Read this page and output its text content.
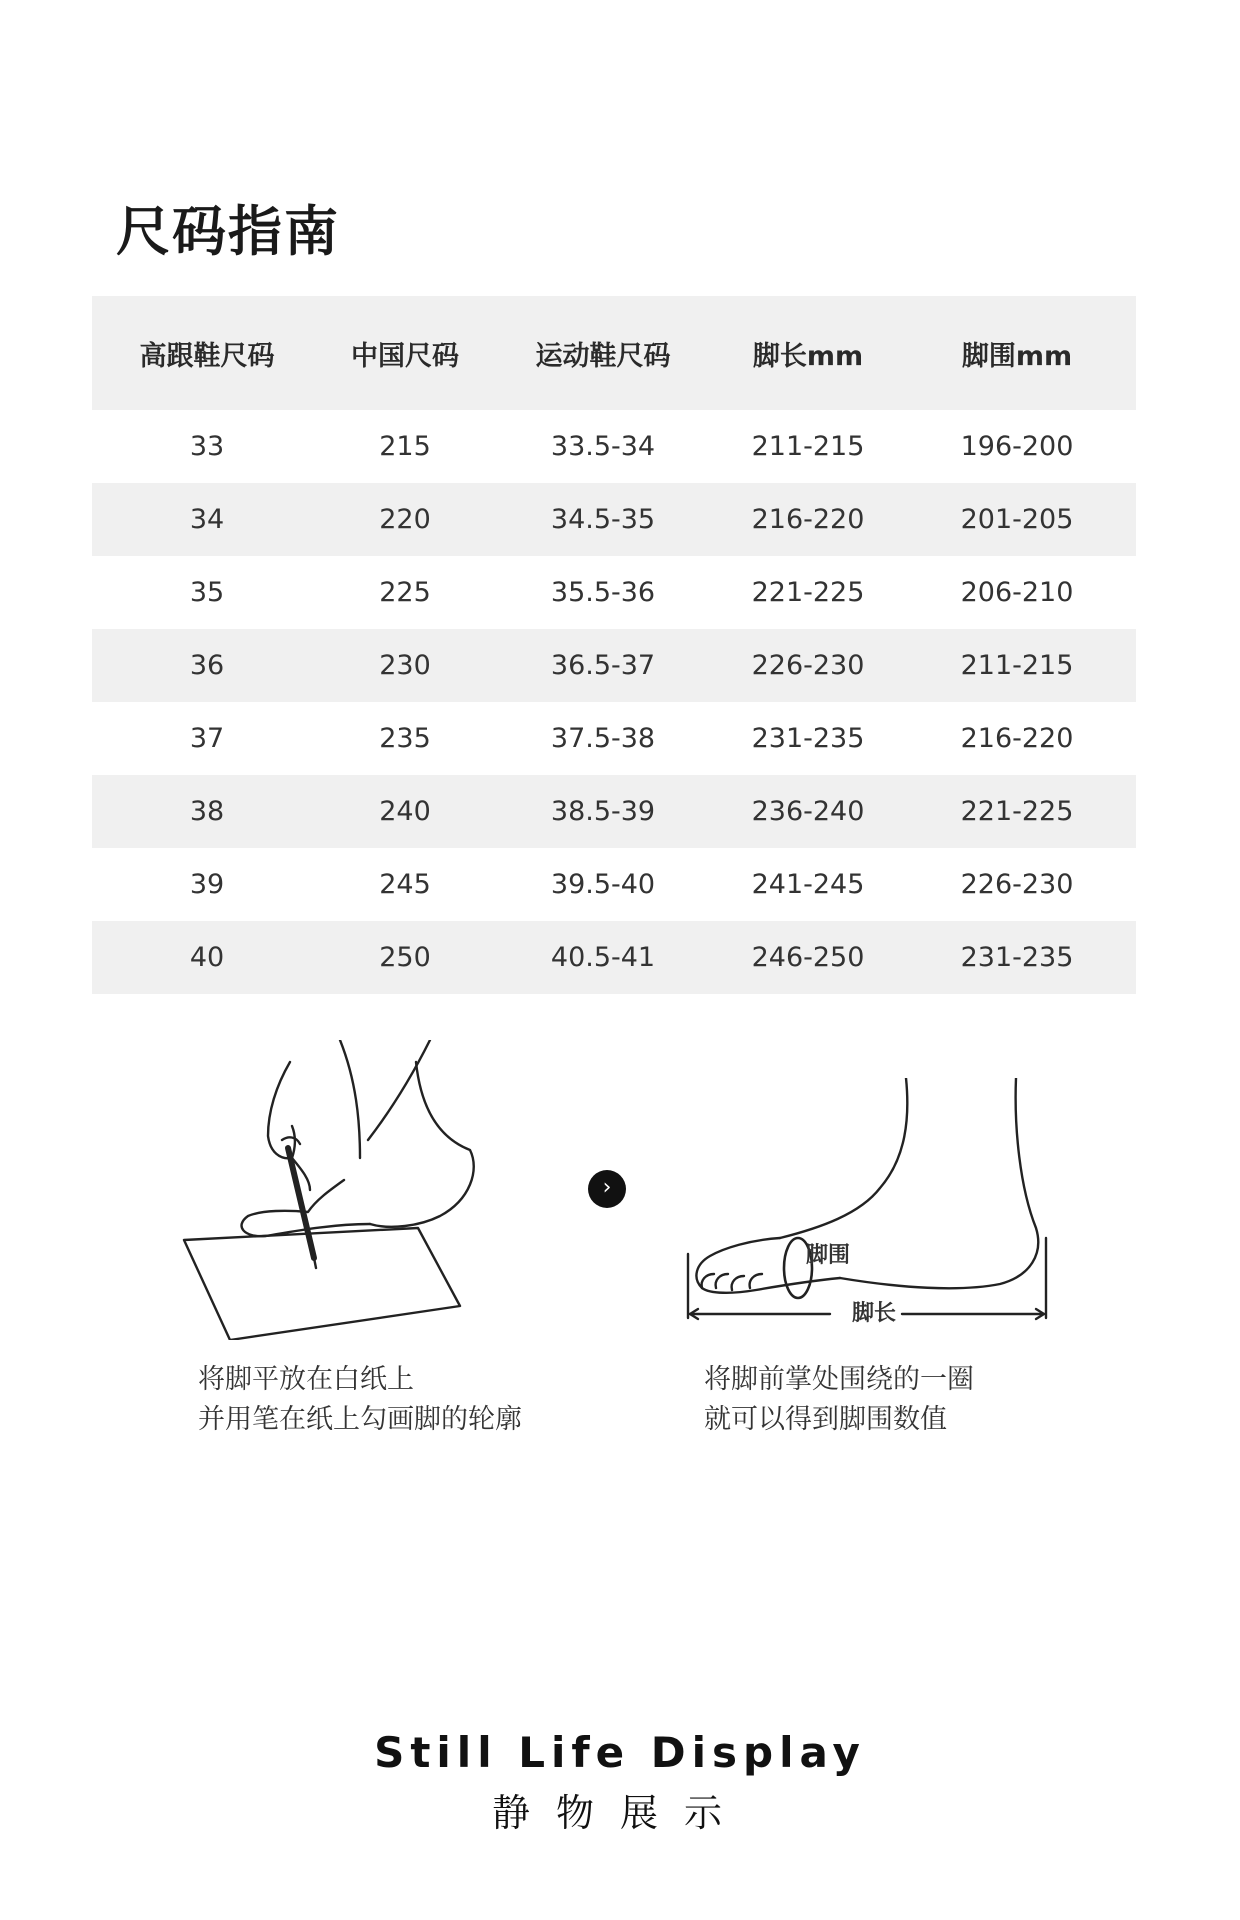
尺码指南
高跟鞋尺码	中国尺码	运动鞋尺码	脚长mm	脚围mm
33	215	33.5-34	211-215	196-200
34	220	34.5-35	216-220	201-205
35	225	35.5-36	221-225	206-210
36	230	36.5-37	226-230	211-215
37	235	37.5-38	231-235	216-220
38	240	38.5-39	236-240	221-225
39	245	39.5-40	241-245	226-230
40	250	40.5-41	246-250	231-235
›
脚围
脚长
将脚平放在白纸上
并用笔在纸上勾画脚的轮廓
将脚前掌处围绕的一圈
就可以得到脚围数值
Still Life Display
静物展示
